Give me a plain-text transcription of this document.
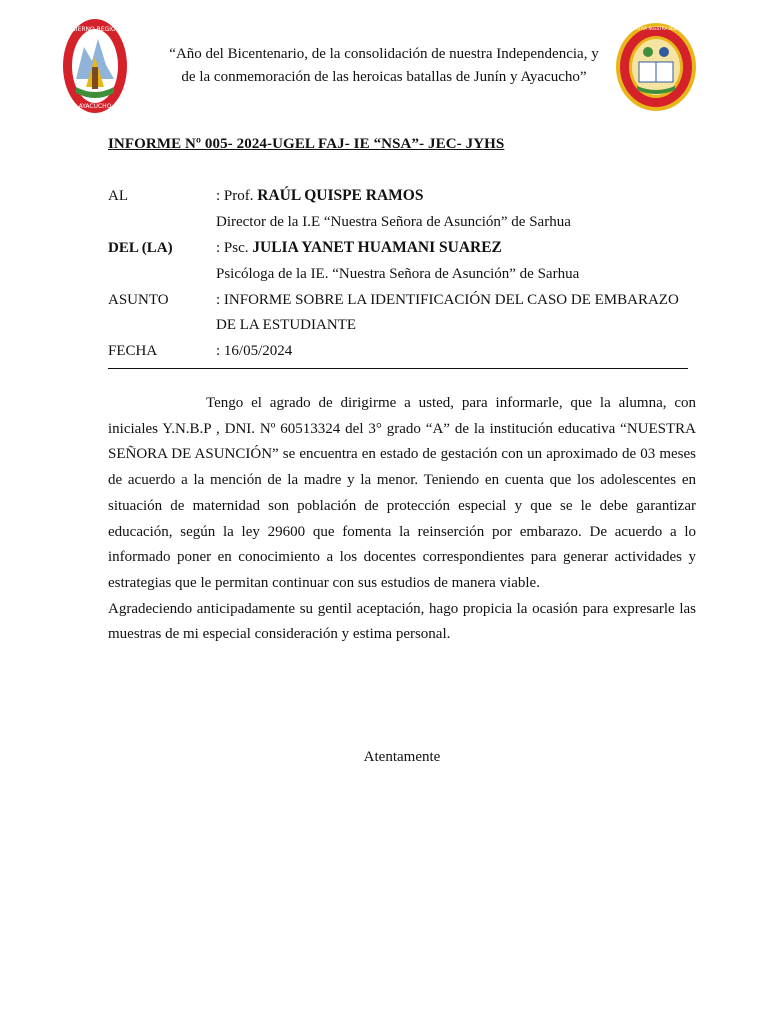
GOBIERNO REGIONAL
AYACUCHO
“Año del Bicentenario, de la consolidación de nuestra Independencia, y
de la conmemoración de las heroicas batallas de Junín y Ayacucho”
INSTITUCIÓN EDUCATIVA NUESTRA SEÑORA DE ASUNCIÓN
INFORME Nº 005- 2024-UGEL FAJ- IE “NSA”- JEC- JYHS
AL	: Prof. RAÚL QUISPE RAMOS
Director de la I.E “Nuestra Señora de Asunción” de Sarhua
DEL (LA)	: Psc. JULIA YANET HUAMANI SUAREZ
Psicóloga de la IE. “Nuestra Señora de Asunción” de Sarhua
ASUNTO	: INFORME SOBRE LA IDENTIFICACIÓN DEL CASO DE EMBARAZO DE LA ESTUDIANTE
FECHA	: 16/05/2024

Tengo el agrado de dirigirme a usted, para informarle, que la alumna, con iniciales Y.N.B.P , DNI. Nº 60513324 del 3° grado “A” de la institución educativa “NUESTRA SEÑORA DE ASUNCIÓN” se encuentra en estado de gestación con un aproximado de 03 meses de acuerdo a la mención de la madre y la menor. Teniendo en cuenta que los adolescentes en situación de maternidad son población de protección especial y que se le debe garantizar educación, según la ley 29600 que fomenta la reinserción por embarazo. De acuerdo a lo informado poner en conocimiento a los docentes correspondientes para generar actividades y estrategias que le permitan continuar con sus estudios de manera viable.

Agradeciendo anticipadamente su gentil aceptación, hago propicia la ocasión para expresarle las muestras de mi especial consideración y estima personal.

Atentamente
